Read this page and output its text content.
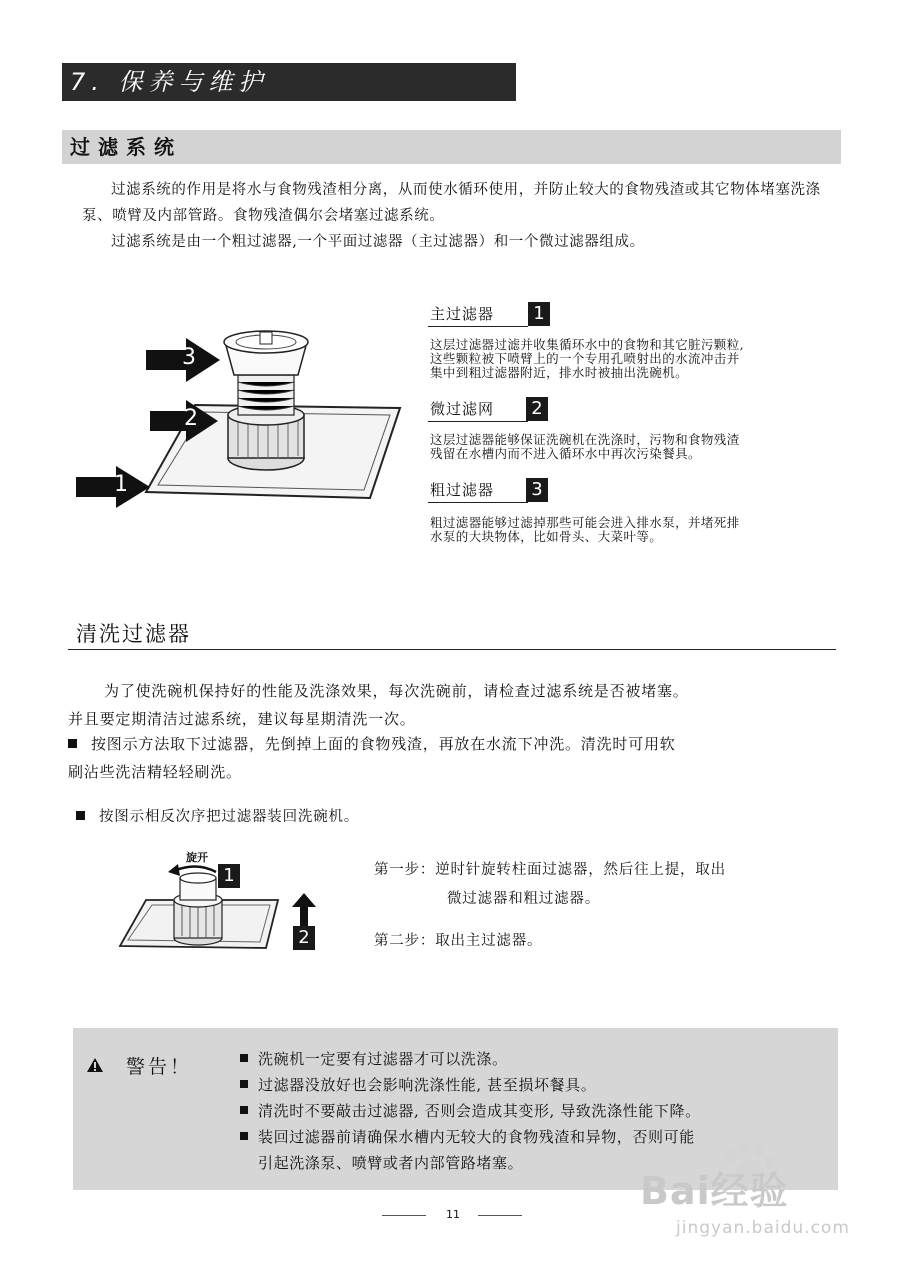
7. 保养与维护
过滤系统
过滤系统的作用是将水与食物残渣相分离，从而使水循环使用，并防止较大的食物残渣或其它物体堵塞洗涤泵、喷臂及内部管路。食物残渣偶尔会堵塞过滤系统。
过滤系统是由一个粗过滤器,一个平面过滤器（主过滤器）和一个微过滤器组成。
3
2
1
主过滤器 1
这层过滤器过滤并收集循环水中的食物和其它脏污颗粒,
这些颗粒被下喷臂上的一个专用孔喷射出的水流冲击并
集中到粗过滤器附近，排水时被抽出洗碗机。
微过滤网 2
这层过滤器能够保证洗碗机在洗涤时，污物和食物残渣
残留在水槽内而不进入循环水中再次污染餐具。
粗过滤器 3
粗过滤器能够过滤掉那些可能会进入排水泵，并堵死排
水泵的大块物体，比如骨头、大菜叶等。
清洗过滤器
为了使洗碗机保持好的性能及洗涤效果，每次洗碗前，请检查过滤系统是否被堵塞。
并且要定期清洁过滤系统，建议每星期清洗一次。
按图示方法取下过滤器，先倒掉上面的食物残渣，再放在水流下冲洗。清洗时可用软
刷沾些洗洁精轻轻刷洗。
按图示相反次序把过滤器装回洗碗机。
旋开
1
2
第一步：逆时针旋转柱面过滤器，然后往上提，取出
微过滤器和粗过滤器。
第二步：取出主过滤器。
警告！	洗碗机一定要有过滤器才可以洗涤。
过滤器没放好也会影响洗涤性能, 甚至损坏餐具。
清洗时不要敲击过滤器, 否则会造成其变形, 导致洗涤性能下降。
装回过滤器前请确保水槽内无较大的食物残渣和异物，否则可能
引起洗涤泵、喷臂或者内部管路堵塞。
11
Bai经验
jingyan.baidu.com
